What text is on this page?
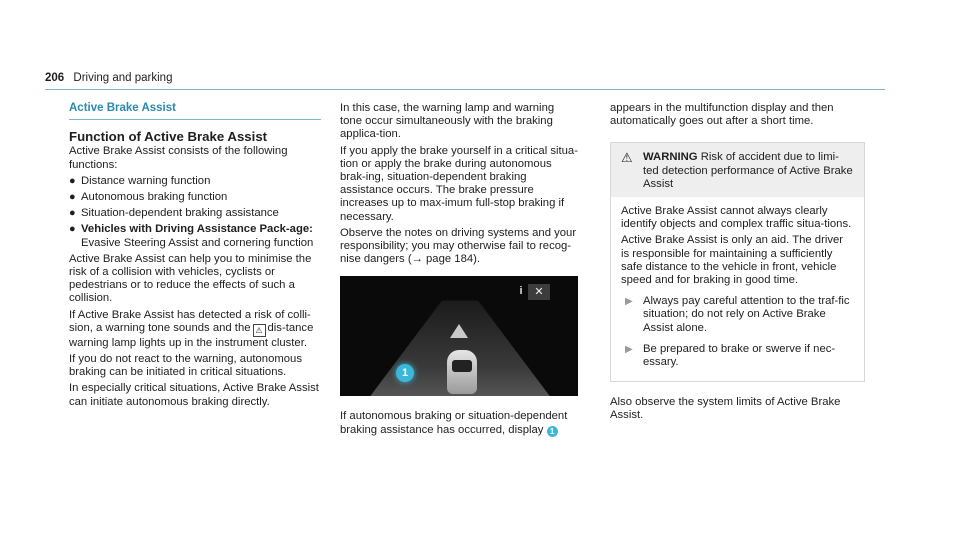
206 Driving and parking
Active Brake Assist
Function of Active Brake Assist

Active Brake Assist consists of the following functions:

● Distance warning function
● Autonomous braking function
● Situation-dependent braking assistance
● Vehicles with Driving Assistance Pack-age: Evasive Steering Assist and cornering function

Active Brake Assist can help you to minimise the risk of a collision with vehicles, cyclists or pedestrians or to reduce the effects of such a collision.

If Active Brake Assist has detected a risk of colli-sion, a warning tone sounds and the ⚠ dis-tance warning lamp lights up in the instrument cluster.

If you do not react to the warning, autonomous braking can be initiated in critical situations.

In especially critical situations, Active Brake Assist can initiate autonomous braking directly.

In this case, the warning lamp and warning tone occur simultaneously with the braking applica-tion.

If you apply the brake yourself in a critical situa-tion or apply the brake during autonomous brak-ing, situation-dependent braking assistance occurs. The brake pressure increases up to max-imum full-stop braking if necessary.

Observe the notes on driving systems and your responsibility; you may otherwise fail to recog-nise dangers (→ page 184).

i	✕
1

If autonomous braking or situation-dependent braking assistance has occurred, display 1

appears in the multifunction display and then automatically goes out after a short time.

⚠ WARNING Risk of accident due to limi-ted detection performance of Active Brake Assist

Active Brake Assist cannot always clearly identify objects and complex traffic situa-tions.

Active Brake Assist is only an aid. The driver is responsible for maintaining a sufficiently safe distance to the vehicle in front, vehicle speed and for braking in good time.

▶ Always pay careful attention to the traf-fic situation; do not rely on Active Brake Assist alone.
▶ Be prepared to brake or swerve if nec-essary.

Also observe the system limits of Active Brake Assist.
